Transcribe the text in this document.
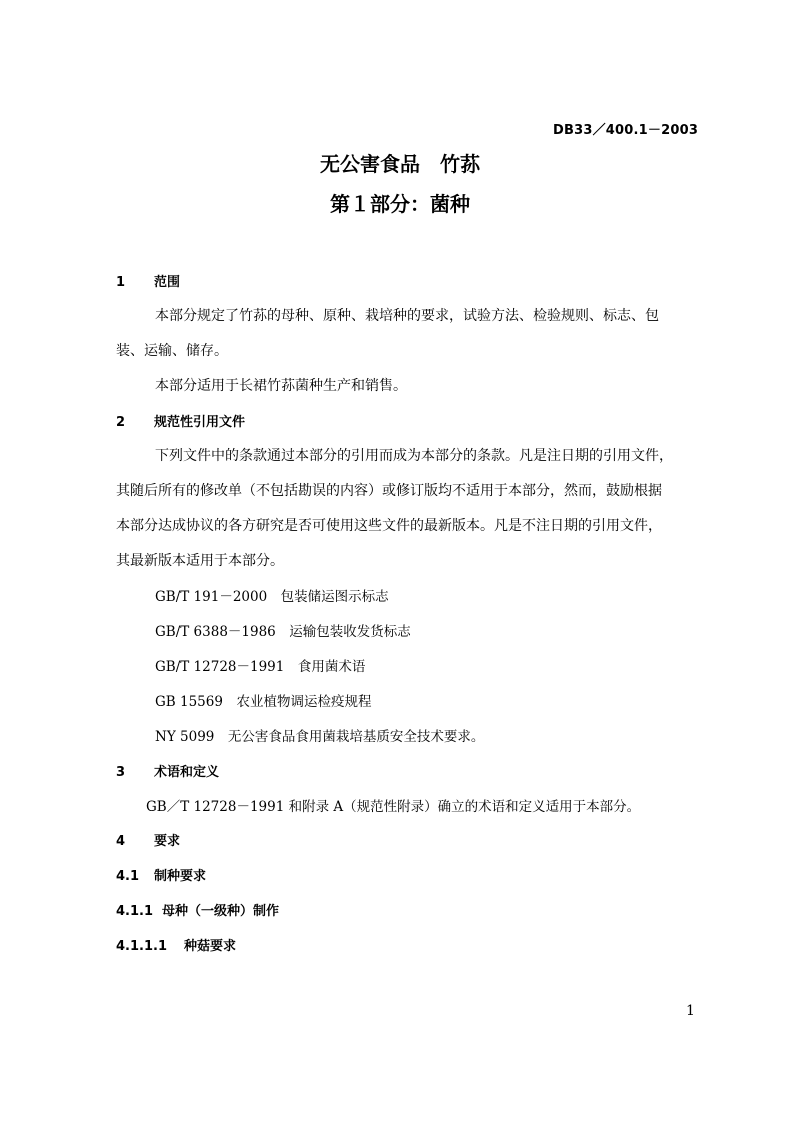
DB33／400.1－2003
无公害食品　竹荪
第１部分：菌种
1 范围
本部分规定了竹荪的母种、原种、栽培种的要求，试验方法、检验规则、标志、包
装、运输、储存。
本部分适用于长裙竹荪菌种生产和销售。
2 规范性引用文件
下列文件中的条款通过本部分的引用而成为本部分的条款。凡是注日期的引用文件，
其随后所有的修改单（不包括勘误的内容）或修订版均不适用于本部分，然而，鼓励根据
本部分达成协议的各方研究是否可使用这些文件的最新版本。凡是不注日期的引用文件，
其最新版本适用于本部分。
GB/T 191－2000　包装储运图示标志
GB/T 6388－1986　运输包装收发货标志
GB/T 12728－1991　食用菌术语
GB 15569　农业植物调运检疫规程
NY 5099　无公害食品食用菌栽培基质安全技术要求。
3 术语和定义
GB／T 12728－1991 和附录 A（规范性附录）确立的术语和定义适用于本部分。
4 要求
4.1 制种要求
4.1.1 母种（一级种）制作
4.1.1.1 种菇要求
1
